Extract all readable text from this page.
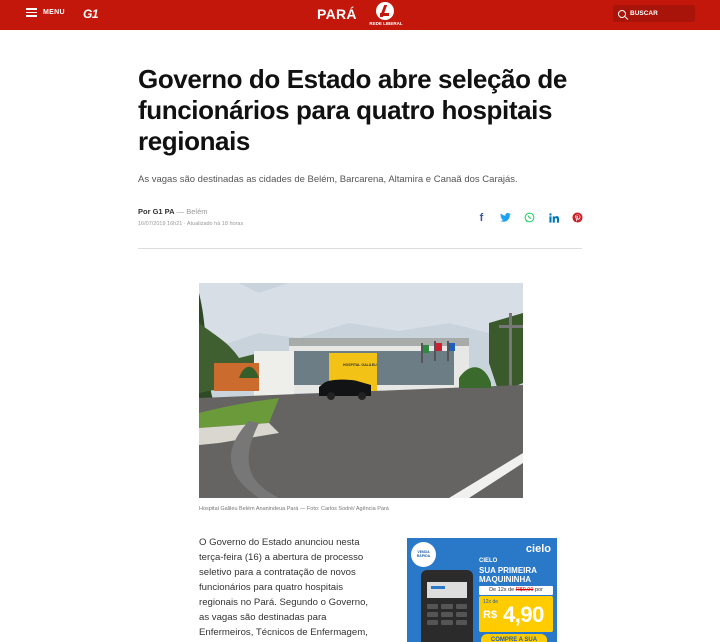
MENU G1	PARÁ
REDE LIBERAL
BUSCAR
Governo do Estado abre seleção de funcionários para quatro hospitais regionais

As vagas são destinadas as cidades de Belém, Barcarena, Altamira e Canaã dos Carajás.

Por G1 PA — Belém
16/07/2019 16h21 · Atualizado há 18 horas
f
HOSPITAL GALILEU
Hospital Galileu Belém Ananindeua Pará — Foto: Carlos Sodré/ Agência Pará

O Governo do Estado anunciou nesta terça-feira (16) a abertura de processo seletivo para a contratação de novos funcionários para quatro hospitais regionais no Pará. Segundo o Governo, as vagas são destinadas para Enfermeiros, Técnicos de Enfermagem,

VENDA RÁPIDA
cielo
CIELO
SUA PRIMEIRA MAQUININHA
De 12x de R$9,90 por
12x de
R$ 4,90
COMPRE A SUA
